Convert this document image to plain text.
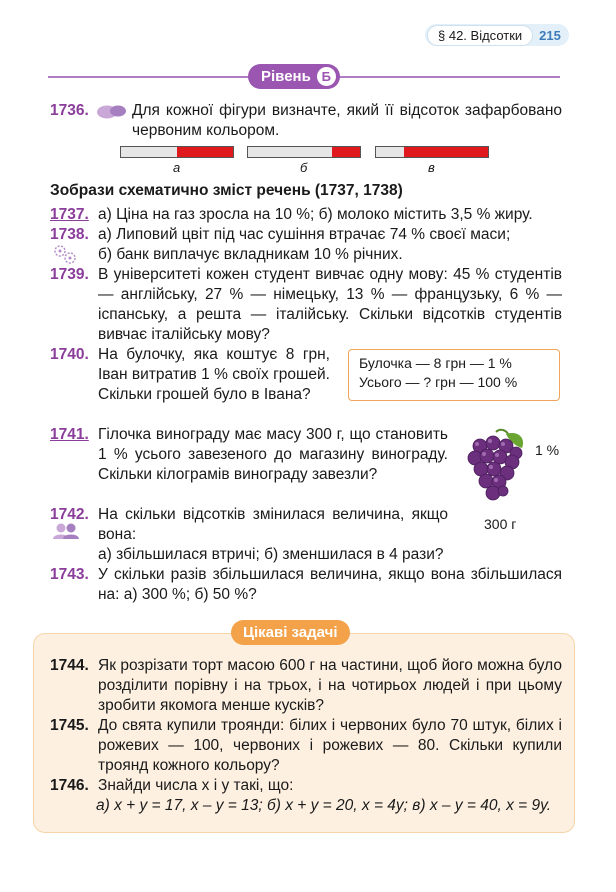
§ 42. Відсотки	215
Рівень Б
1736.	Для кожної фігури визначте, який її відсоток зафарбовано червоним кольором.
а	б	в
Зобрази схематично зміст речень (1737, 1738)
1737. а) Ціна на газ зросла на 10 %; б) молоко містить 3,5 % жиру.
1738. а) Липовий цвіт під час сушіння втрачає 74 % своєї маси;
б) банк виплачує вкладникам 10 % річних.
1739. В університеті кожен студент вивчає одну мову: 45 % студентів — англійську, 27 % — німецьку, 13 % — французьку, 6 % — іспанську, а решта — італійську. Скільки відсотків студентів вивчає італійську мову?
1740. На булочку, яка коштує 8 грн, Іван витратив 1 % своїх грошей. Скільки грошей було в Івана?
Булочка — 8 грн — 1 %
Усього — ? грн — 100 %
1741. Гілочка винограду має масу 300 г, що становить 1 % усього завезеного до магазину винограду. Скільки кілограмів винограду завезли?
1 %
300 г
1742. На скільки відсотків змінилася величина, якщо вона:
а) збільшилася втричі; б) зменшилася в 4 рази?
1743. У скільки разів збільшилася величина, якщо вона збільшилася на: а) 300 %; б) 50 %?
Цікаві задачі
1744. Як розрізати торт масою 600 г на частини, щоб його можна було розділити порівну і на трьох, і на чотирьох людей і при цьому зробити якомога менше кусків?
1745. До свята купили троянди: білих і червоних було 70 штук, білих і рожевих — 100, червоних і рожевих — 80. Скільки купили троянд кожного кольору?
1746. Знайди числа x і y такі, що:
а) x + y = 17, x – y = 13; б) x + y = 20, x = 4y; в) x – y = 40, x = 9y.
